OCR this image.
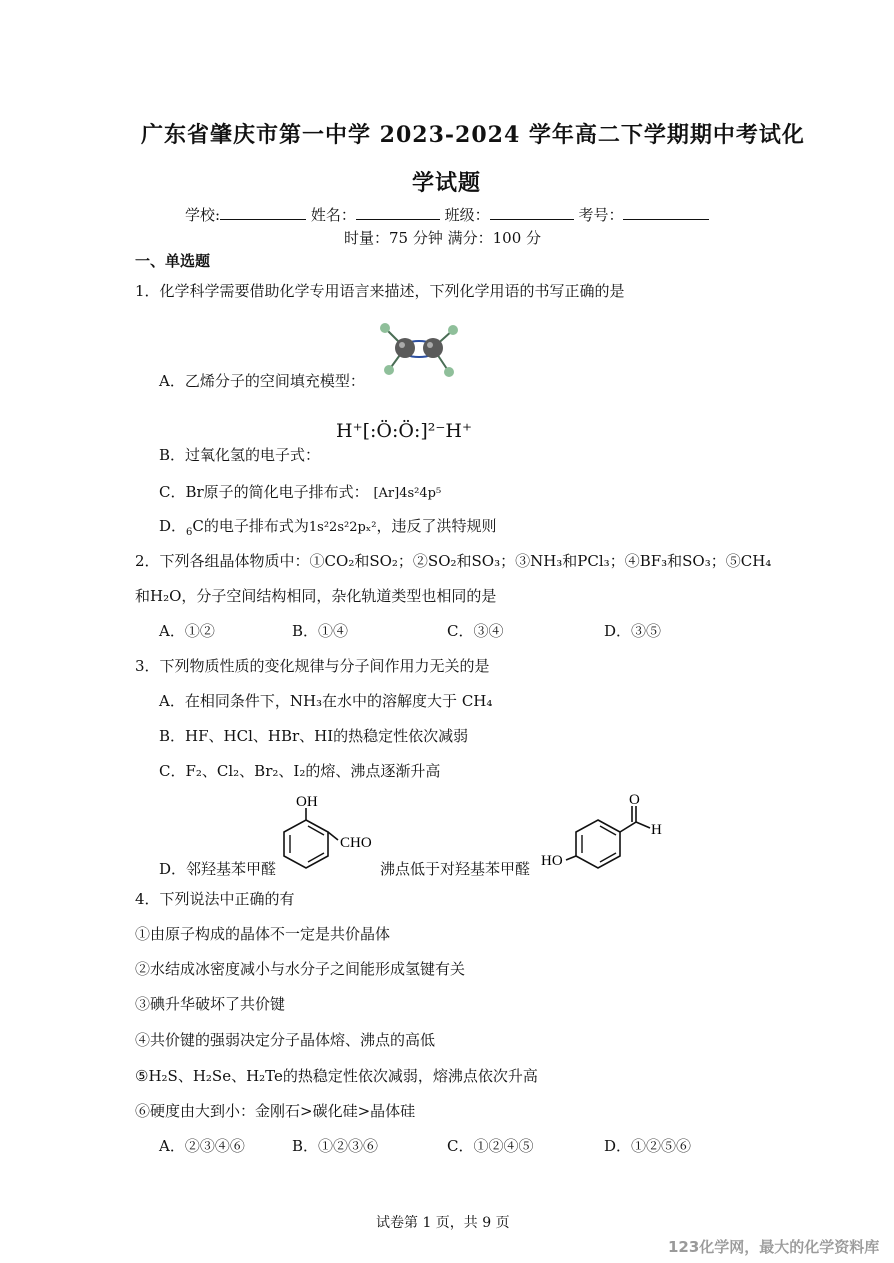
广东省肇庆市第一中学 2023-2024 学年高二下学期期中考试化
学试题
学校:	姓名：	班级：	考号：
时量：75 分钟 满分：100 分
一、单选题
1．化学科学需要借助化学专用语言来描述，下列化学用语的书写正确的是
A．乙烯分子的空间填充模型：
B．过氧化氢的电子式：
H⁺[:Ö:Ö:]²⁻H⁺
C．Br原子的简化电子排布式： [Ar]4s²4p⁵
D．$_6$C的电子排布式为1s²2s²2pₓ²，违反了洪特规则
2．下列各组晶体物质中：①CO₂和SO₂；②SO₂和SO₃；③NH₃和PCl₃；④BF₃和SO₃；⑤CH₄
和H₂O，分子空间结构相同，杂化轨道类型也相同的是
A．①②	B．①④	C．③④	D．③⑤
3．下列物质性质的变化规律与分子间作用力无关的是
A．在相同条件下，NH₃在水中的溶解度大于 CH₄
B．HF、HCl、HBr、HI的热稳定性依次减弱
C．F₂、Cl₂、Br₂、I₂的熔、沸点逐渐升高
OH
CHO
D．邻羟基苯甲醛	沸点低于对羟基苯甲醛
O
H
HO
4．下列说法中正确的有
①由原子构成的晶体不一定是共价晶体
②水结成冰密度减小与水分子之间能形成氢键有关
③碘升华破坏了共价键
④共价键的强弱决定分子晶体熔、沸点的高低
⑤H₂S、H₂Se、H₂Te的热稳定性依次减弱，熔沸点依次升高
⑥硬度由大到小：金刚石>碳化硅>晶体硅
A．②③④⑥	B．①②③⑥	C．①②④⑤	D．①②⑤⑥
试卷第 1 页，共 9 页
123化学网，最大的化学资料库
